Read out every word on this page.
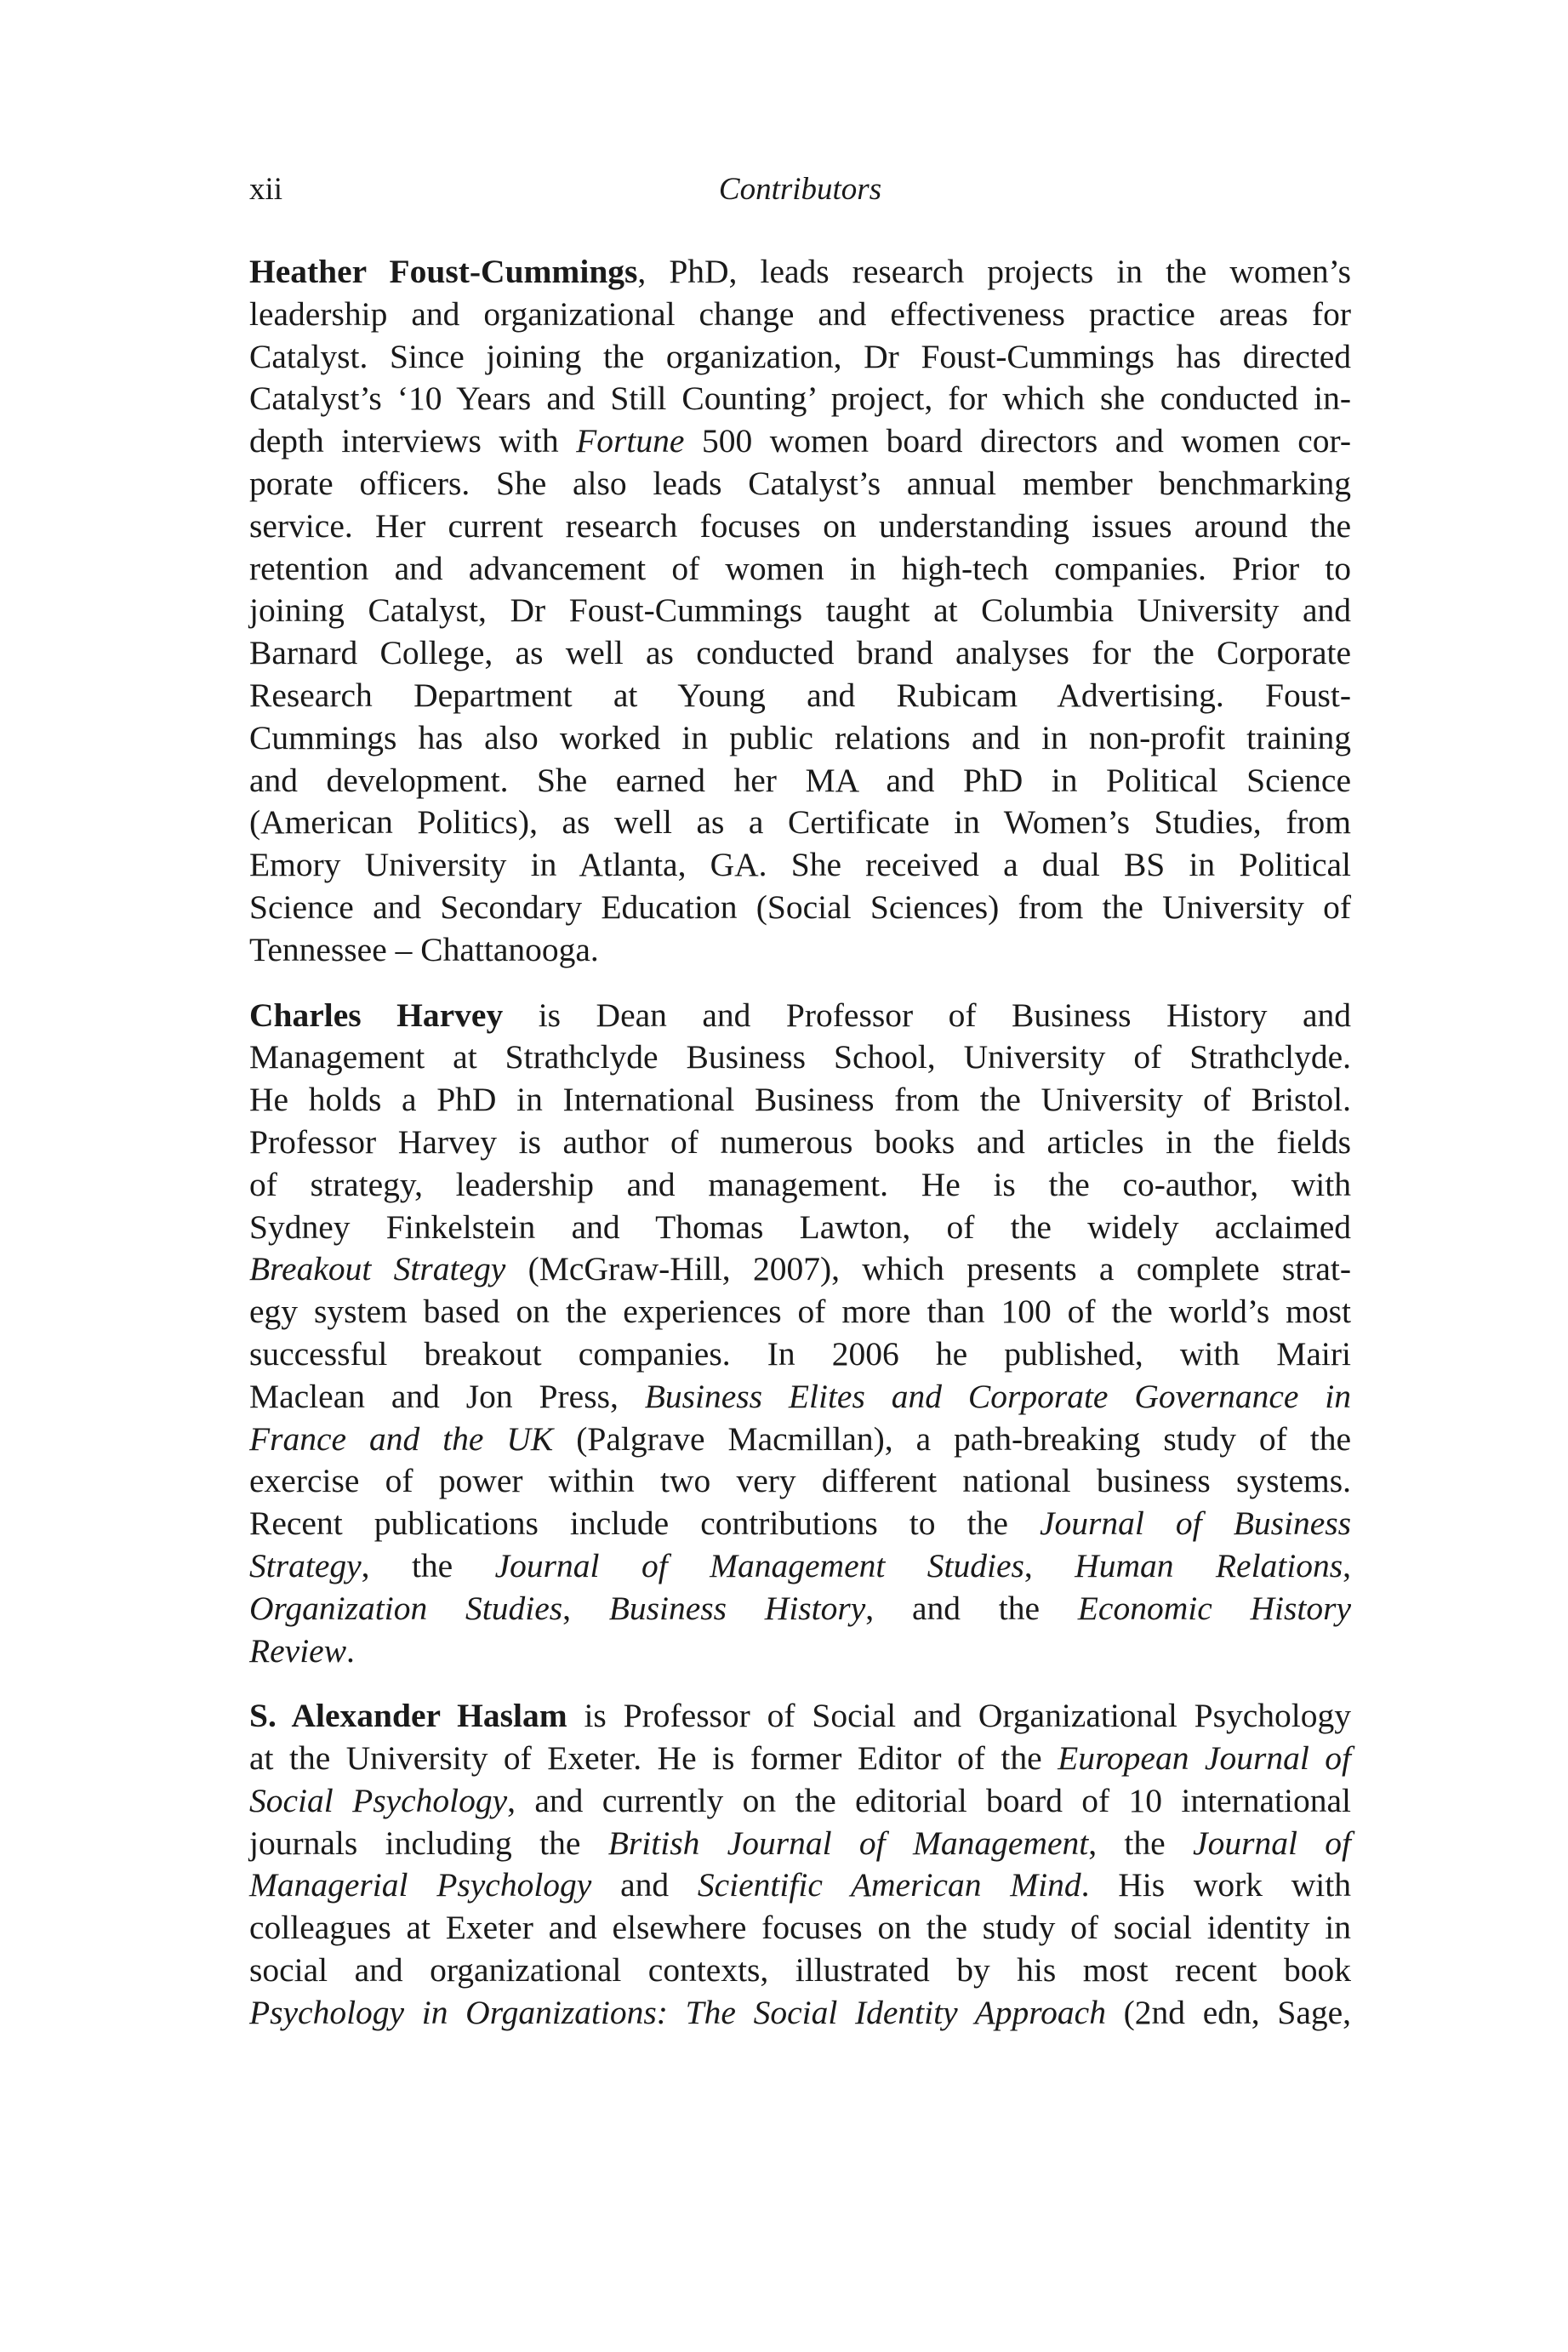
xii	Contributors
Heather Foust-Cummings, PhD, leads research projects in the women’s
leadership and organizational change and effectiveness practice areas for
Catalyst. Since joining the organization, Dr Foust-Cummings has directed
Catalyst’s ‘10 Years and Still Counting’ project, for which she conducted in-
depth interviews with Fortune 500 women board directors and women cor-
porate officers. She also leads Catalyst’s annual member benchmarking
service. Her current research focuses on understanding issues around the
retention and advancement of women in high-tech companies. Prior to
joining Catalyst, Dr Foust-Cummings taught at Columbia University and
Barnard College, as well as conducted brand analyses for the Corporate
Research Department at Young and Rubicam Advertising. Foust-
Cummings has also worked in public relations and in non-profit training
and development. She earned her MA and PhD in Political Science
(American Politics), as well as a Certificate in Women’s Studies, from
Emory University in Atlanta, GA. She received a dual BS in Political
Science and Secondary Education (Social Sciences) from the University of
Tennessee – Chattanooga.
Charles Harvey is Dean and Professor of Business History and
Management at Strathclyde Business School, University of Strathclyde.
He holds a PhD in International Business from the University of Bristol.
Professor Harvey is author of numerous books and articles in the fields
of strategy, leadership and management. He is the co-author, with
Sydney Finkelstein and Thomas Lawton, of the widely acclaimed
Breakout Strategy (McGraw-Hill, 2007), which presents a complete strat-
egy system based on the experiences of more than 100 of the world’s most
successful breakout companies. In 2006 he published, with Mairi
Maclean and Jon Press, Business Elites and Corporate Governance in
France and the UK (Palgrave Macmillan), a path-breaking study of the
exercise of power within two very different national business systems.
Recent publications include contributions to the Journal of Business
Strategy, the Journal of Management Studies, Human Relations,
Organization Studies, Business History, and the Economic History
Review.
S. Alexander Haslam is Professor of Social and Organizational Psychology
at the University of Exeter. He is former Editor of the European Journal of
Social Psychology, and currently on the editorial board of 10 international
journals including the British Journal of Management, the Journal of
Managerial Psychology and Scientific American Mind. His work with
colleagues at Exeter and elsewhere focuses on the study of social identity in
social and organizational contexts, illustrated by his most recent book
Psychology in Organizations: The Social Identity Approach (2nd edn, Sage,
